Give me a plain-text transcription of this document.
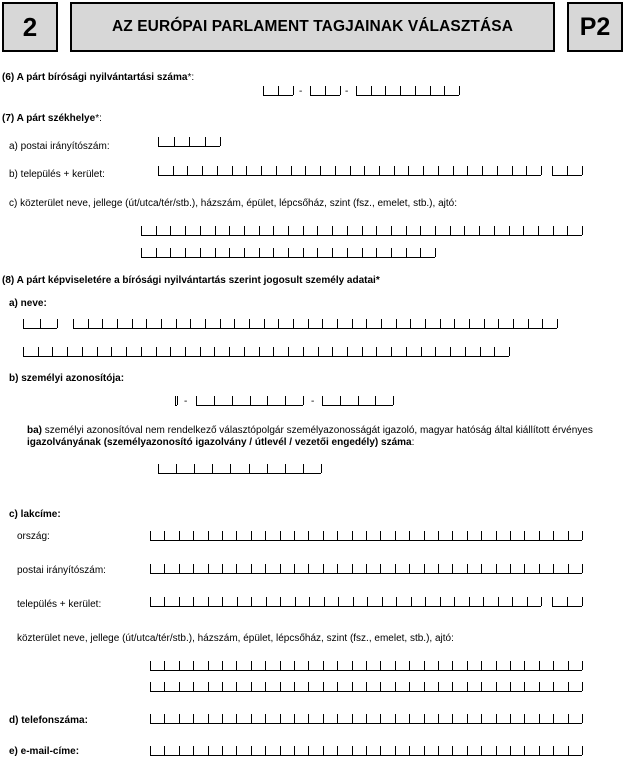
2	AZ EURÓPAI PARLAMENT TAGJAINAK VÁLASZTÁSA	P2
(6) A párt bírósági nyilvántartási száma*:
-	-
(7) A párt székhelye*:
a) postai irányítószám:
b) település + kerület:
c) közterület neve, jellege (út/utca/tér/stb.), házszám, épület, lépcsőház, szint (fsz., emelet, stb.), ajtó:
(8) A párt képviseletére a bírósági nyilvántartás szerint jogosult személy adatai*
a) neve:
b) személyi azonosítója:
-	-
ba) személyi azonosítóval nem rendelkező választópolgár személyazonosságát igazoló, magyar hatóság által kiállított érvényes
igazolványának (személyazonosító igazolvány / útlevél / vezetői engedély) száma:
c) lakcíme:
ország:
postai irányítószám:
település + kerület:
közterület neve, jellege (út/utca/tér/stb.), házszám, épület, lépcsőház, szint (fsz., emelet, stb.), ajtó:
d) telefonszáma:
e) e-mail-címe:
